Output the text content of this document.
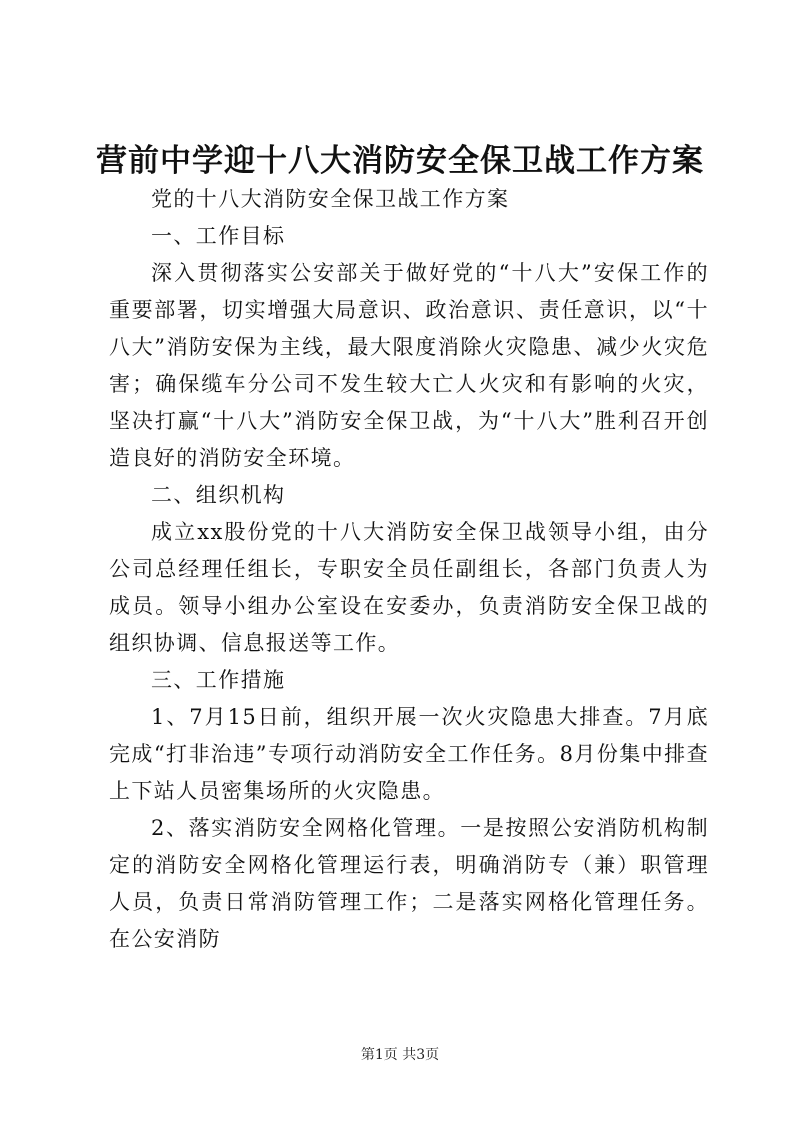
营前中学迎十八大消防安全保卫战工作方案

党的十八大消防安全保卫战工作方案

一、工作目标

深入贯彻落实公安部关于做好党的“十八大”安保工作的重要部署，切实增强大局意识、政治意识、责任意识，以“十八大”消防安保为主线，最大限度消除火灾隐患、减少火灾危害；确保缆车分公司不发生较大亡人火灾和有影响的火灾，坚决打赢“十八大”消防安全保卫战，为“十八大”胜利召开创造良好的消防安全环境。

二、组织机构

成立xx股份党的十八大消防安全保卫战领导小组，由分公司总经理任组长，专职安全员任副组长，各部门负责人为成员。领导小组办公室设在安委办，负责消防安全保卫战的组织协调、信息报送等工作。

三、工作措施

1、7月15日前，组织开展一次火灾隐患大排查。7月底完成“打非治违”专项行动消防安全工作任务。8月份集中排查上下站人员密集场所的火灾隐患。

2、落实消防安全网格化管理。一是按照公安消防机构制定的消防安全网格化管理运行表，明确消防专（兼）职管理人员，负责日常消防管理工作；二是落实网格化管理任务。在公安消防

第1页 共3页
